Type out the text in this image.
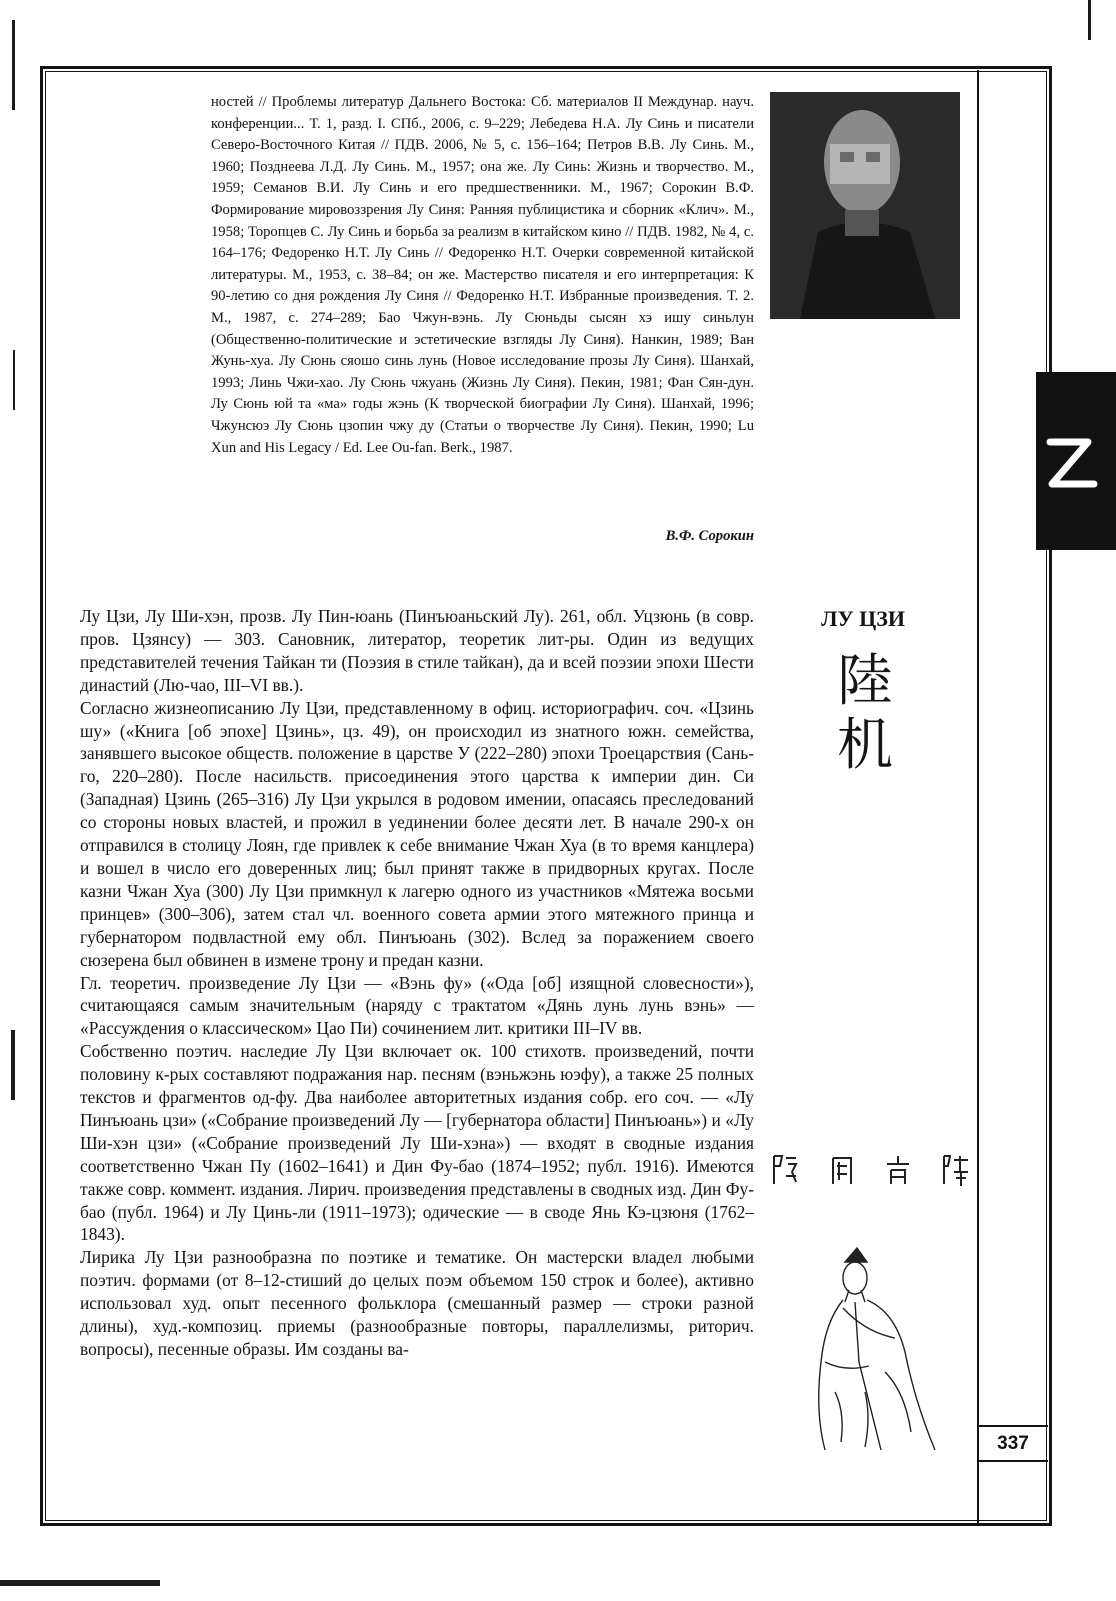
ностей // Проблемы литератур Дальнего Востока: Сб. материалов II Междунар. науч. конференции... Т. 1, разд. I. СПб., 2006, с. 9–229; Лебедева Н.А. Лу Синь и писатели Северо-Восточного Китая // ПДВ. 2006, № 5, с. 156–164; Петров В.В. Лу Синь. М., 1960; Позднеева Л.Д. Лу Синь. М., 1957; она же. Лу Синь: Жизнь и творчество. М., 1959; Семанов В.И. Лу Синь и его предшественники. М., 1967; Сорокин В.Ф. Формирование мировоззрения Лу Синя: Ранняя публицистика и сборник «Клич». М., 1958; Торопцев С. Лу Синь и борьба за реализм в китайском кино // ПДВ. 1982, № 4, с. 164–176; Федоренко Н.Т. Лу Синь // Федоренко Н.Т. Очерки современной китайской литературы. М., 1953, с. 38–84; он же. Мастерство писателя и его интерпретация: К 90-летию со дня рождения Лу Синя // Федоренко Н.Т. Избранные произведения. Т. 2. М., 1987, с. 274–289; Бао Чжун-вэнь. Лу Сюньды сысян хэ ишу синьлун (Общественно-политические и эстетические взгляды Лу Синя). Нанкин, 1989; Ван Жунь-хуа. Лу Сюнь сяошо синь лунь (Новое исследование прозы Лу Синя). Шанхай, 1993; Линь Чжи-хао. Лу Сюнь чжуань (Жизнь Лу Синя). Пекин, 1981; Фан Сян-дун. Лу Сюнь юй та «ма» годы жэнь (К творческой биографии Лу Синя). Шанхай, 1996; Чжунсюэ Лу Сюнь цзопин чжу ду (Статьи о творчестве Лу Синя). Пекин, 1990; Lu Xun and His Legacy / Ed. Lee Ou-fan. Berk., 1987.

В.Ф. Сорокин
ЛУ ЦЗИ
陸
机

Лу Цзи, Лу Ши-хэн, прозв. Лу Пин-юань (Пинъюаньский Лу). 261, обл. Уцзюнь (в совр. пров. Цзянсу) — 303. Сановник, литератор, теоретик лит-ры. Один из ведущих представителей течения Тайкан ти (Поэзия в стиле тайкан), да и всей поэзии эпохи Шести династий (Лю-чао, III–VI вв.).

Согласно жизнеописанию Лу Цзи, представленному в офиц. историографич. соч. «Цзинь шу» («Книга [об эпохе] Цзинь», цз. 49), он происходил из знатного южн. семейства, занявшего высокое обществ. положение в царстве У (222–280) эпохи Троецарствия (Сань-го, 220–280). После насильств. присоединения этого царства к империи дин. Си (Западная) Цзинь (265–316) Лу Цзи укрылся в родовом имении, опасаясь преследований со стороны новых властей, и прожил в уединении более десяти лет. В начале 290-х он отправился в столицу Лоян, где привлек к себе внимание Чжан Хуа (в то время канцлера) и вошел в число его доверенных лиц; был принят также в придворных кругах. После казни Чжан Хуа (300) Лу Цзи примкнул к лагерю одного из участников «Мятежа восьми принцев» (300–306), затем стал чл. военного совета армии этого мятежного принца и губернатором подвластной ему обл. Пинъюань (302). Вслед за поражением своего сюзерена был обвинен в измене трону и предан казни.

Гл. теоретич. произведение Лу Цзи — «Вэнь фу» («Ода [об] изящной словесности»), считающаяся самым значительным (наряду с трактатом «Дянь лунь лунь вэнь» — «Рассуждения о классическом» Цао Пи) сочинением лит. критики III–IV вв.

Собственно поэтич. наследие Лу Цзи включает ок. 100 стихотв. произведений, почти половину к-рых составляют подражания нар. песням (вэньжэнь юэфу), а также 25 полных текстов и фрагментов од-фу. Два наиболее авторитетных издания собр. его соч. — «Лу Пинъюань цзи» («Собрание произведений Лу — [губернатора области] Пинъюань») и «Лу Ши-хэн цзи» («Собрание произведений Лу Ши-хэна») — входят в сводные издания соответственно Чжан Пу (1602–1641) и Дин Фу-бао (1874–1952; публ. 1916). Имеются также совр. коммент. издания. Лирич. произведения представлены в сводных изд. Дин Фу-бао (публ. 1964) и Лу Цинь-ли (1911–1973); одические — в своде Янь Кэ-цзюня (1762–1843).

Лирика Лу Цзи разнообразна по поэтике и тематике. Он мастерски владел любыми поэтич. формами (от 8–12-стиший до целых поэм объемом 150 строк и более), активно использовал худ. опыт песенного фольклора (смешанный размер — строки разной длины), худ.-композиц. приемы (разнообразные повторы, параллелизмы, риторич. вопросы), песенные образы. Им созданы ва-

337
